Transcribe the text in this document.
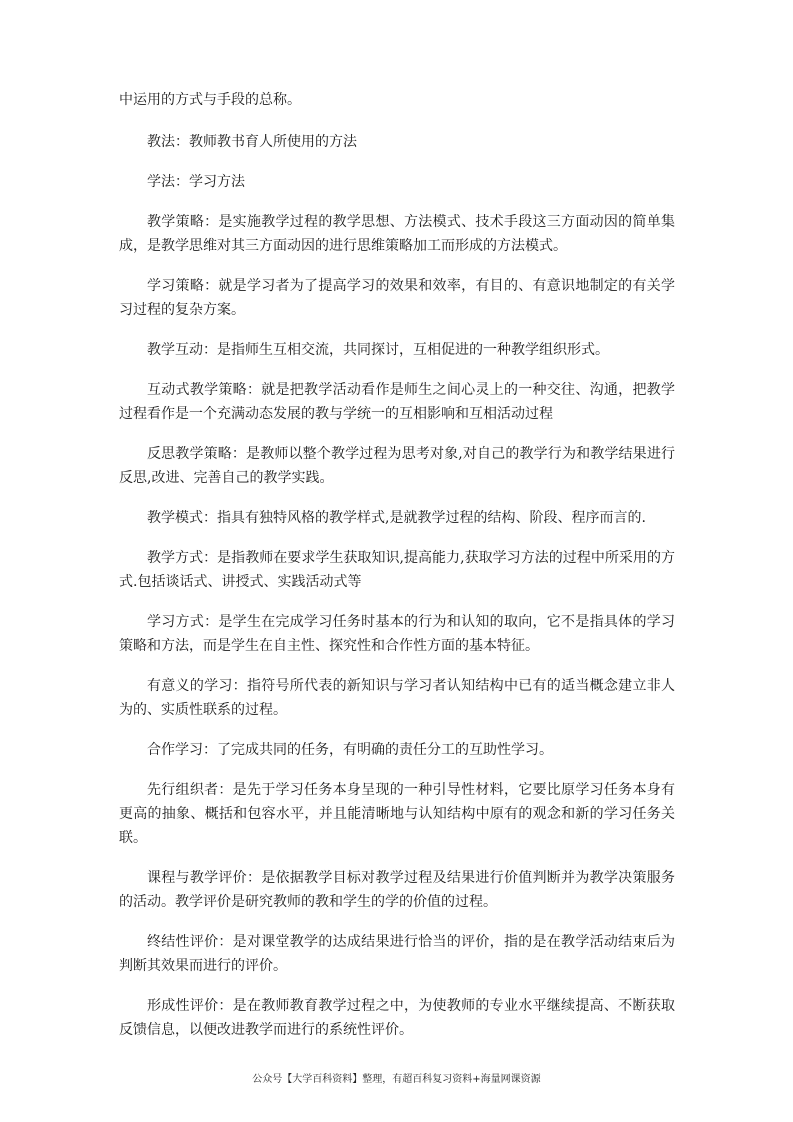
中运用的方式与手段的总称。

教法：教师教书育人所使用的方法

学法：学习方法

教学策略：是实施教学过程的教学思想、方法模式、技术手段这三方面动因的简单集成，是教学思维对其三方面动因的进行思维策略加工而形成的方法模式。

学习策略：就是学习者为了提高学习的效果和效率，有目的、有意识地制定的有关学习过程的复杂方案。

教学互动：是指师生互相交流，共同探讨，互相促进的一种教学组织形式。

互动式教学策略：就是把教学活动看作是师生之间心灵上的一种交往、沟通，把教学过程看作是一个充满动态发展的教与学统一的互相影响和互相活动过程

反思教学策略：是教师以整个教学过程为思考对象,对自己的教学行为和教学结果进行反思,改进、完善自己的教学实践。

教学模式：指具有独特风格的教学样式,是就教学过程的结构、阶段、程序而言的.

教学方式：是指教师在要求学生获取知识,提高能力,获取学习方法的过程中所采用的方式.包括谈话式、讲授式、实践活动式等

学习方式：是学生在完成学习任务时基本的行为和认知的取向，它不是指具体的学习策略和方法，而是学生在自主性、探究性和合作性方面的基本特征。

有意义的学习：指符号所代表的新知识与学习者认知结构中已有的适当概念建立非人为的、实质性联系的过程。

合作学习：了完成共同的任务，有明确的责任分工的互助性学习。

先行组织者：是先于学习任务本身呈现的一种引导性材料，它要比原学习任务本身有更高的抽象、概括和包容水平，并且能清晰地与认知结构中原有的观念和新的学习任务关联。

课程与教学评价：是依据教学目标对教学过程及结果进行价值判断并为教学决策服务的活动。教学评价是研究教师的教和学生的学的价值的过程。

终结性评价：是对课堂教学的达成结果进行恰当的评价，指的是在教学活动结束后为判断其效果而进行的评价。

形成性评价：是在教师教育教学过程之中，为使教师的专业水平继续提高、不断获取反馈信息，以便改进教学而进行的系统性评价。

公众号【大学百科资料】整理，有超百科复习资料+海量网课资源
